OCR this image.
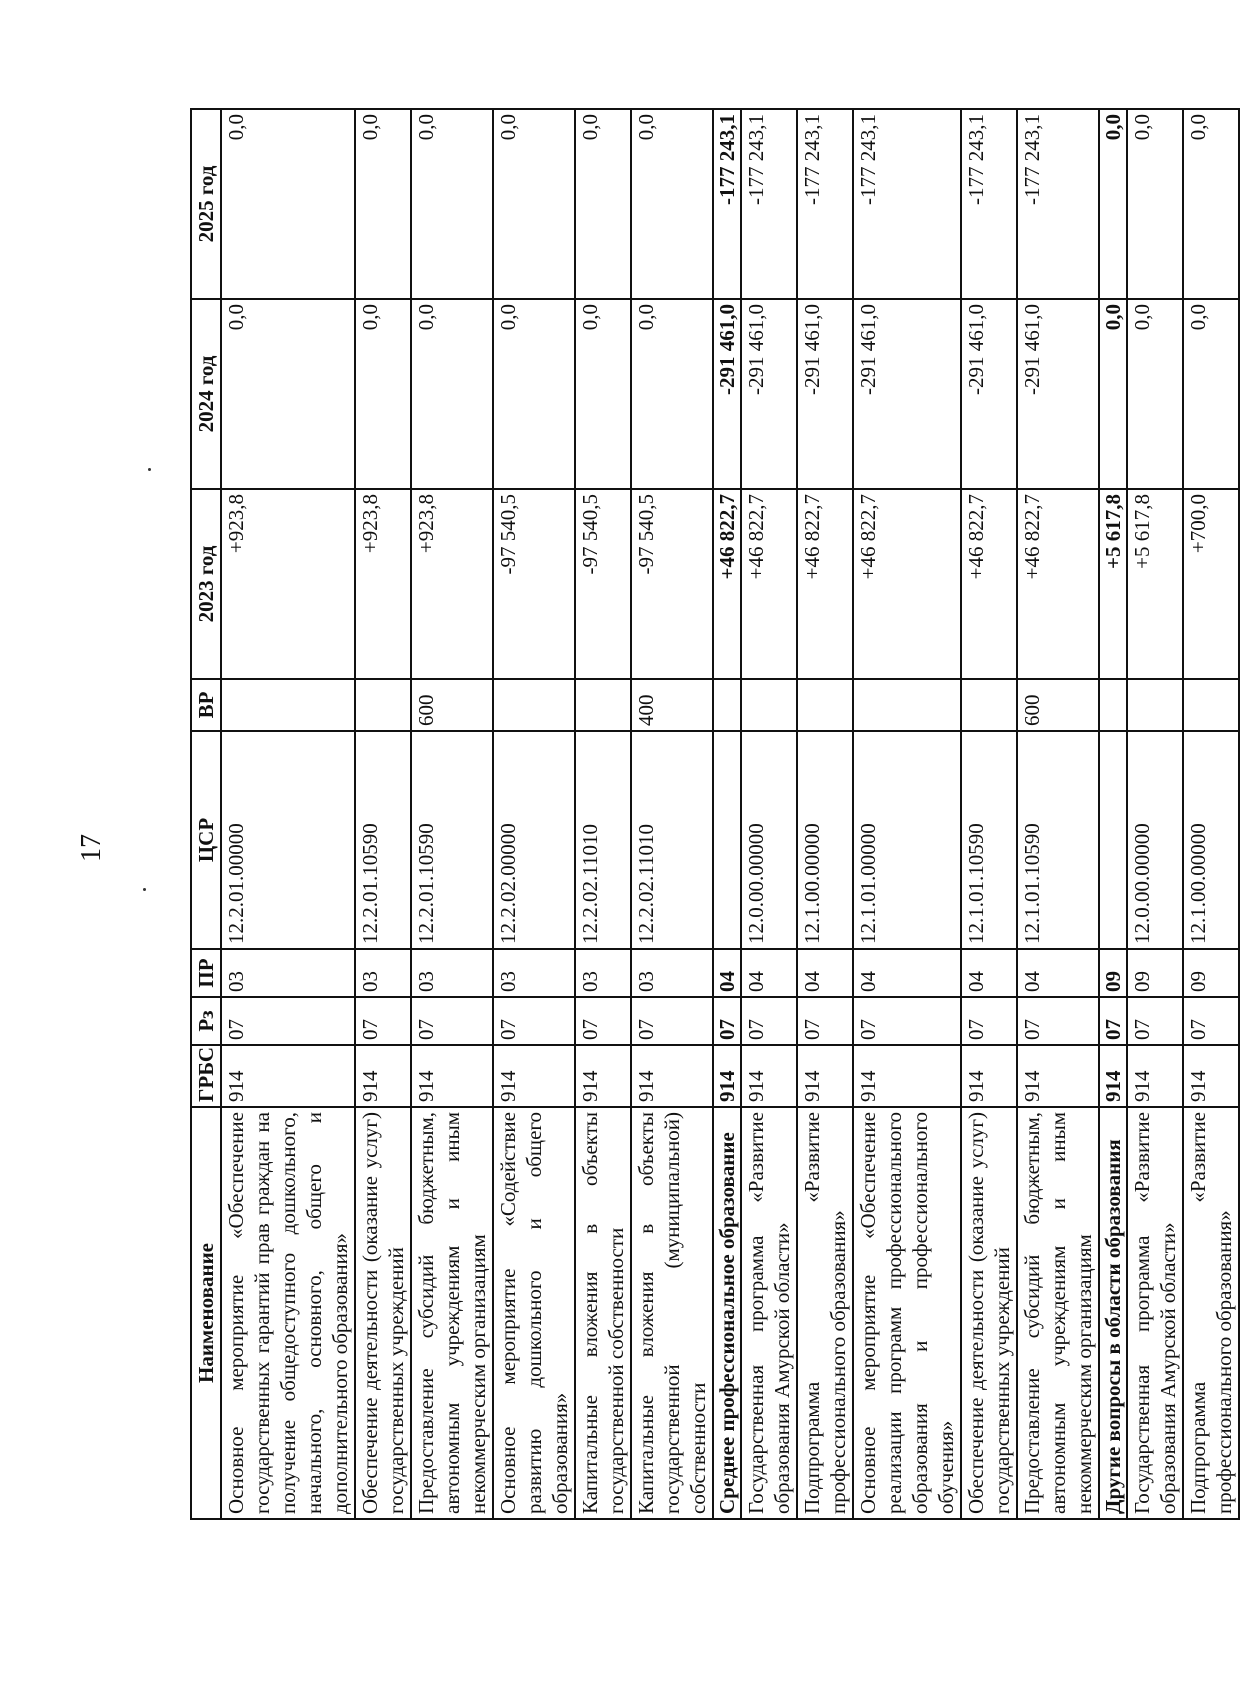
17
Наименование	ГРБС	Рз	ПР	ЦСР	ВР	2023 год	2024 год	2025 год
Основное мероприятие «Обеспечение государственных гарантий прав граждан на получение общедоступного дошкольного, начального, основного, общего и дополнительного образования»	914	07	03	12.2.01.00000		+923,8	0,0	0,0
Обеспечение деятельности (оказание услуг) государственных учреждений	914	07	03	12.2.01.10590		+923,8	0,0	0,0
Предоставление субсидий бюджетным, автономным учреждениям и иным некоммерческим организациям	914	07	03	12.2.01.10590	600	+923,8	0,0	0,0
Основное мероприятие «Содействие развитию дошкольного и общего образования»	914	07	03	12.2.02.00000		-97 540,5	0,0	0,0
Капитальные вложения в объекты государственной собственности	914	07	03	12.2.02.11010		-97 540,5	0,0	0,0
Капитальные вложения в объекты государственной (муниципальной) собственности	914	07	03	12.2.02.11010	400	-97 540,5	0,0	0,0
Среднее профессиональное образование	914	07	04			+46 822,7	-291 461,0	-177 243,1
Государственная программа «Развитие образования Амурской области»	914	07	04	12.0.00.00000		+46 822,7	-291 461,0	-177 243,1
Подпрограмма «Развитие профессионального образования»	914	07	04	12.1.00.00000		+46 822,7	-291 461,0	-177 243,1
Основное мероприятие «Обеспечение реализации программ профессионального образования и профессионального обучения»	914	07	04	12.1.01.00000		+46 822,7	-291 461,0	-177 243,1
Обеспечение деятельности (оказание услуг) государственных учреждений	914	07	04	12.1.01.10590		+46 822,7	-291 461,0	-177 243,1
Предоставление субсидий бюджетным, автономным учреждениям и иным некоммерческим организациям	914	07	04	12.1.01.10590	600	+46 822,7	-291 461,0	-177 243,1
Другие вопросы в области образования	914	07	09			+5 617,8	0,0	0,0
Государственная программа «Развитие образования Амурской области»	914	07	09	12.0.00.00000		+5 617,8	0,0	0,0
Подпрограмма «Развитие профессионального образования»	914	07	09	12.1.00.00000		+700,0	0,0	0,0
